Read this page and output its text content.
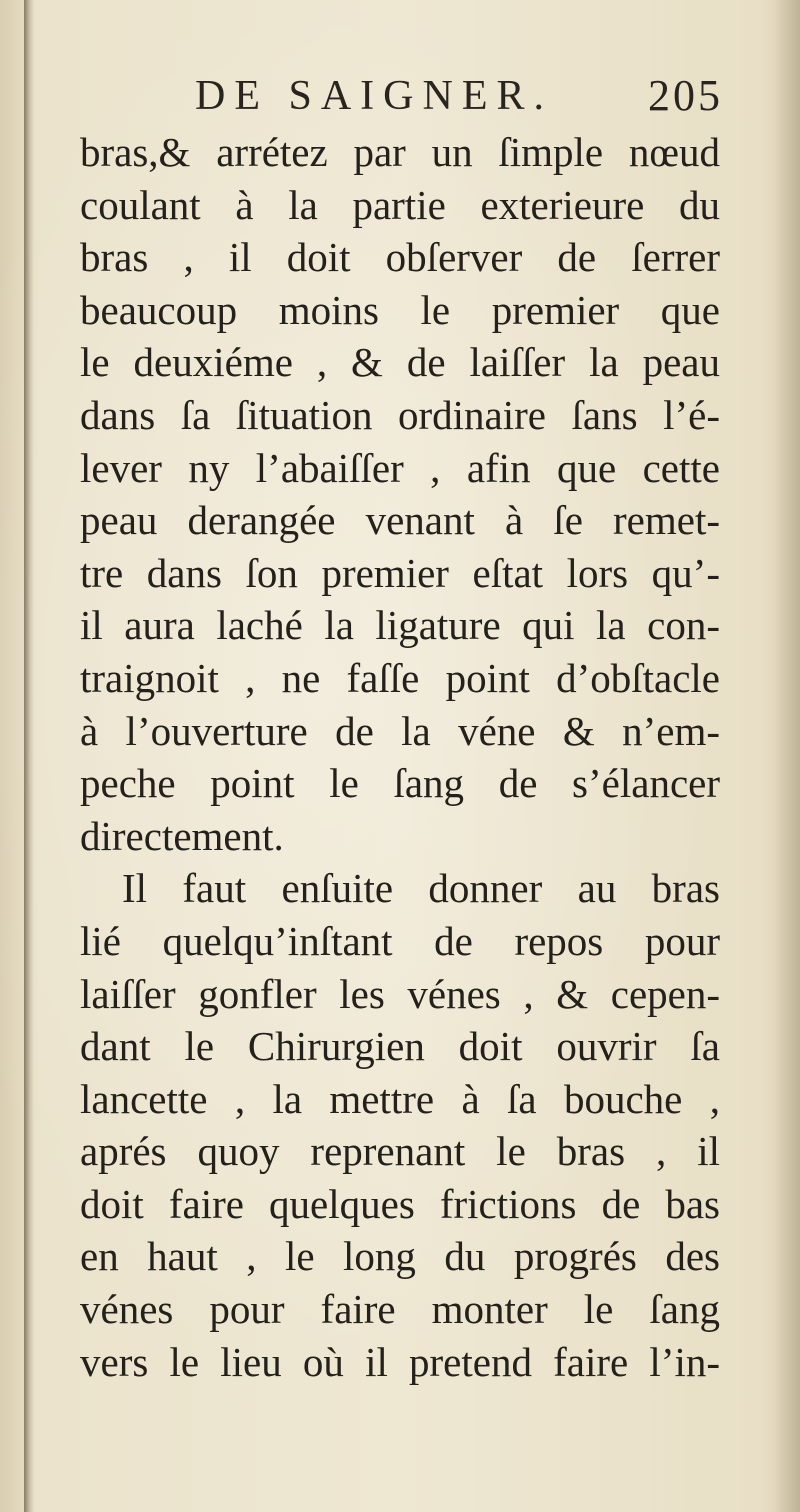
DE SAIGNER. 205
bras,& arrétez par un ſimple nœud
coulant à la partie exterieure du
bras , il doit obſerver de ſerrer
beaucoup moins le premier que
le deuxiéme , & de laiſſer la peau
dans ſa ſituation ordinaire ſans l’é-
lever ny l’abaiſſer , afin que cette
peau derangée venant à ſe remet-
tre dans ſon premier eſtat lors qu’-
il aura laché la ligature qui la con-
traignoit , ne faſſe point d’obſtacle
à l’ouverture de la véne & n’em-
peche point le ſang de s’élancer
directement.
Il faut enſuite donner au bras
lié quelqu’inſtant de repos pour
laiſſer gonfler les vénes , & cepen-
dant le Chirurgien doit ouvrir ſa
lancette , la mettre à ſa bouche ,
aprés quoy reprenant le bras , il
doit faire quelques frictions de bas
en haut , le long du progrés des
vénes pour faire monter le ſang
vers le lieu où il pretend faire l’in-
